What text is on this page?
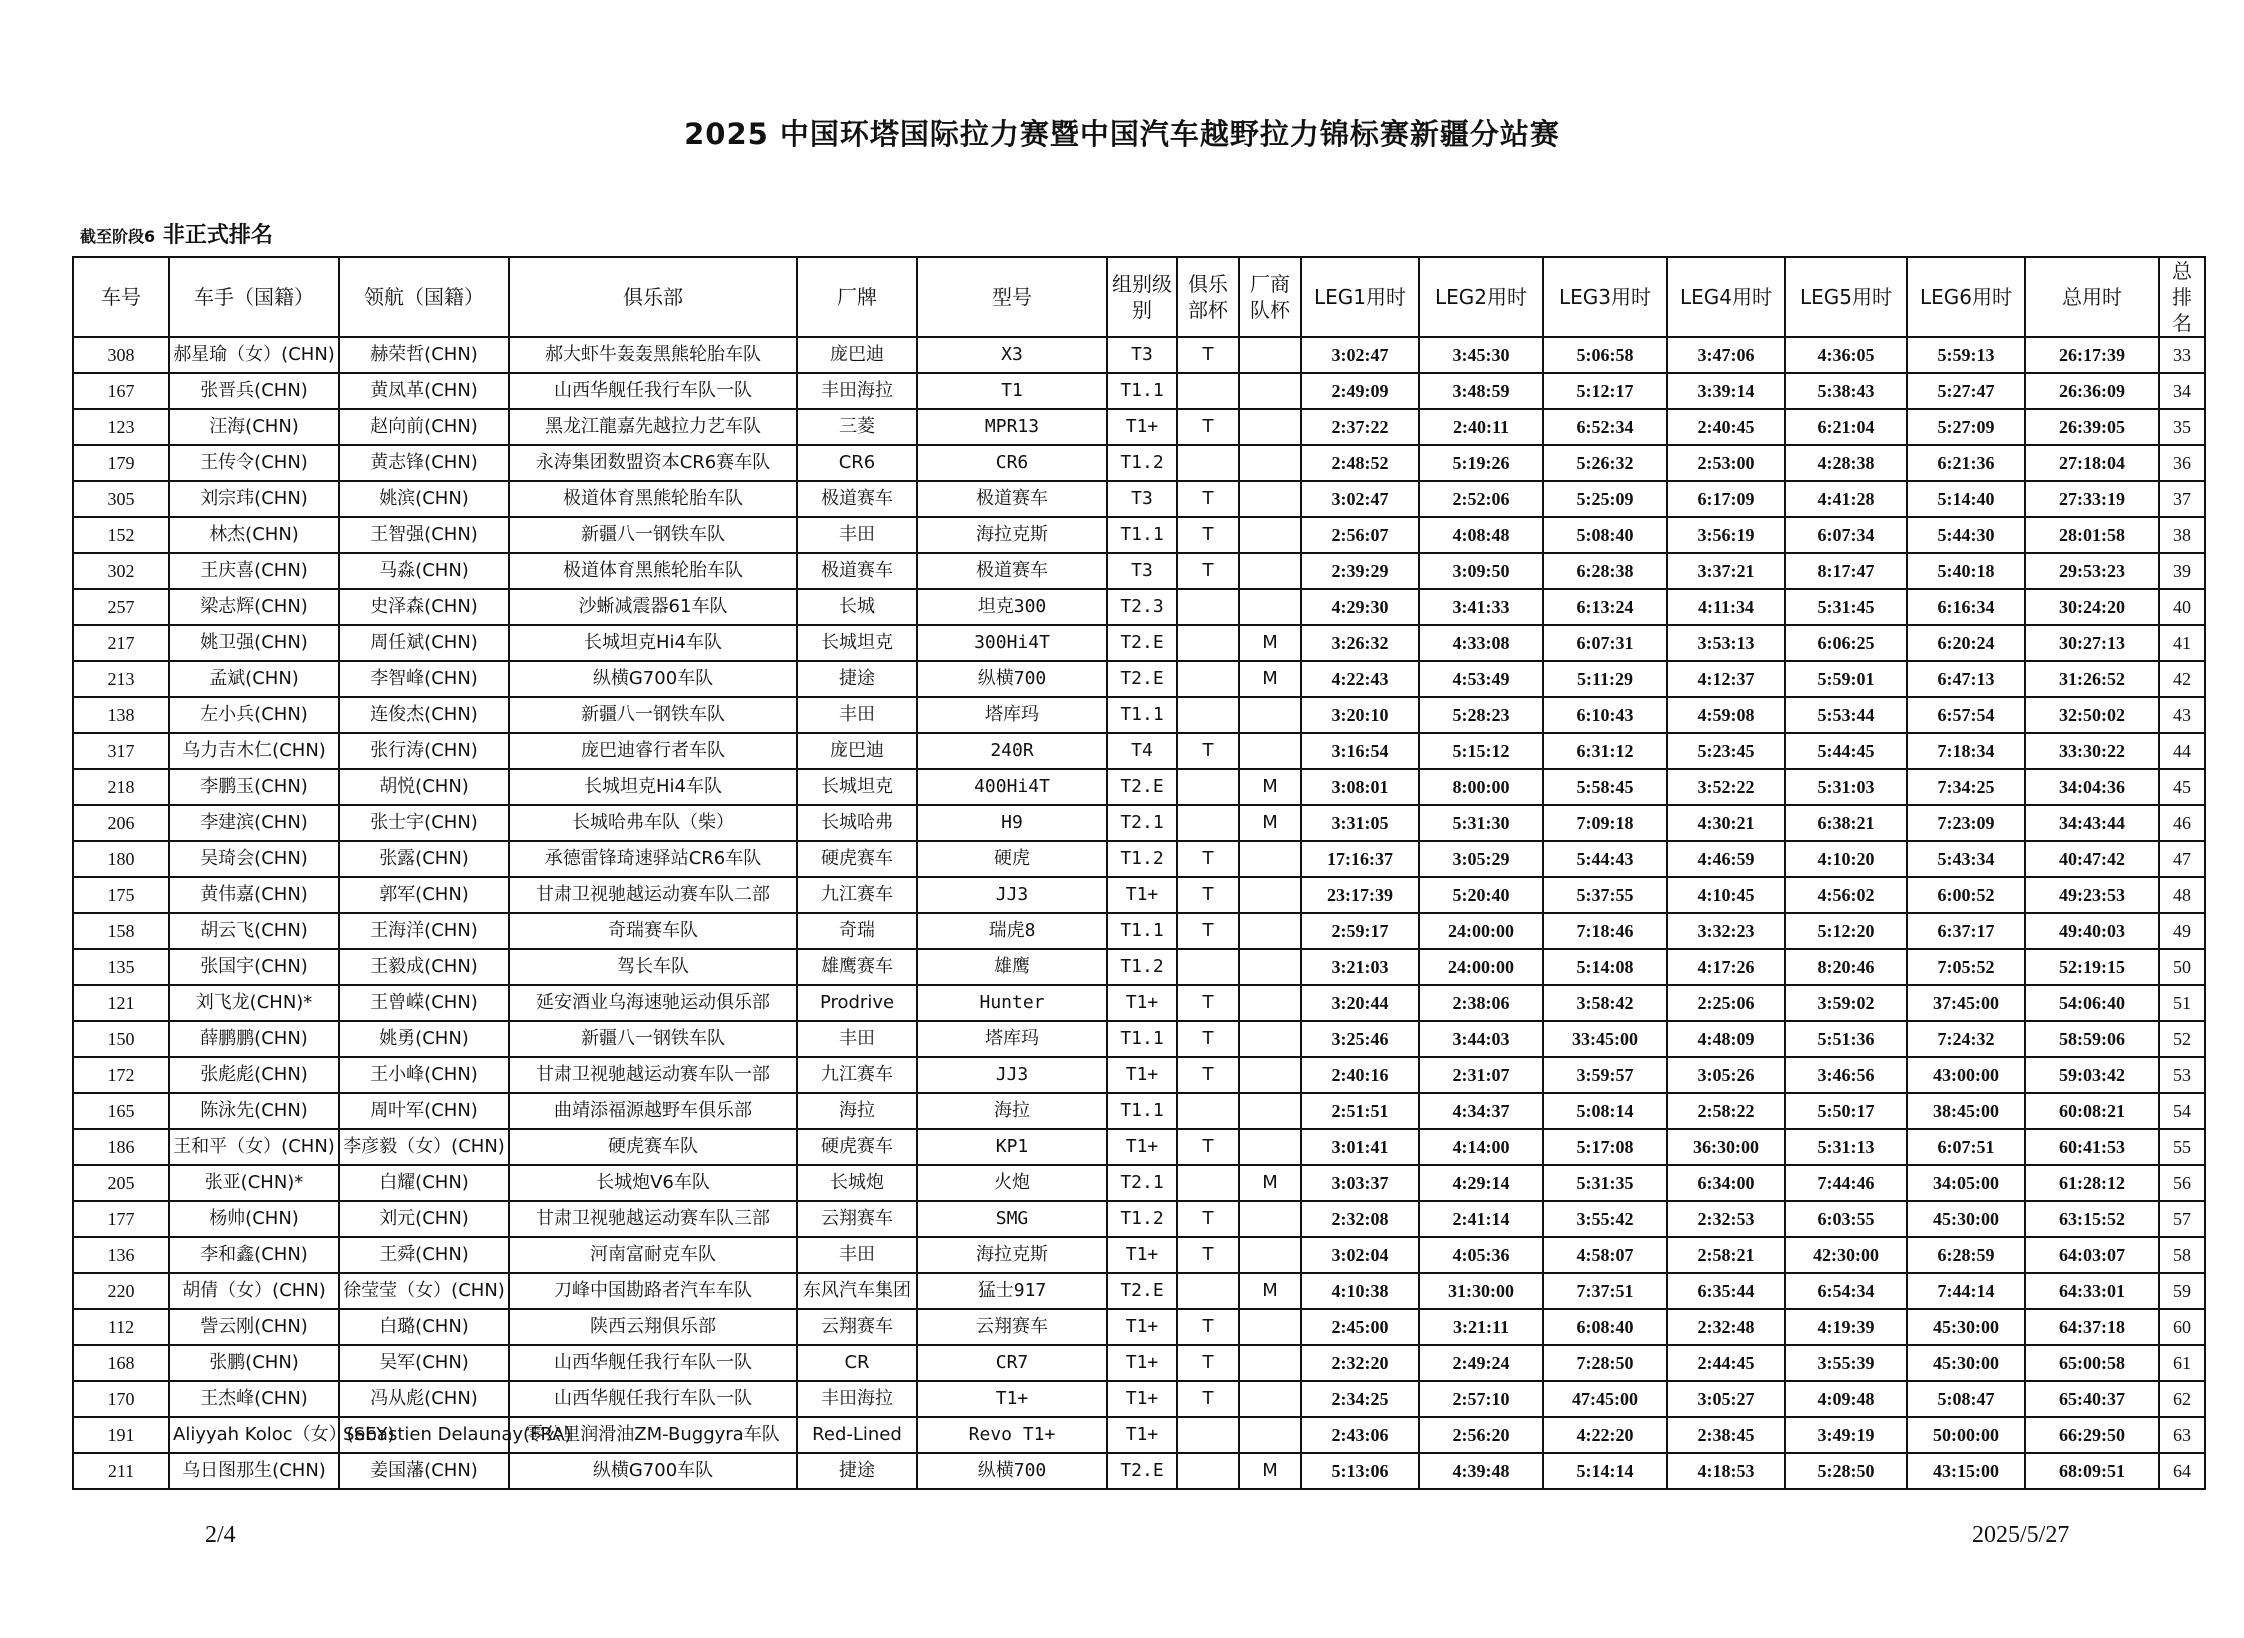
2025 中国环塔国际拉力赛暨中国汽车越野拉力锦标赛新疆分站赛
截至阶段6 非正式排名
车号	车手（国籍）	领航（国籍）	俱乐部	厂牌	型号	组别级别	俱乐部杯	厂商队杯	LEG1用时	LEG2用时	LEG3用时	LEG4用时	LEG5用时	LEG6用时	总用时	总排名
308	郝星瑜（女）(CHN)	赫荣哲(CHN)	郝大虾牛轰轰黑熊轮胎车队	庞巴迪	X3	T3	T		3:02:47	3:45:30	5:06:58	3:47:06	4:36:05	5:59:13	26:17:39	33
167	张晋兵(CHN)	黄凤革(CHN)	山西华舰任我行车队一队	丰田海拉	T1	T1.1			2:49:09	3:48:59	5:12:17	3:39:14	5:38:43	5:27:47	26:36:09	34
123	汪海(CHN)	赵向前(CHN)	黑龙江龍嘉先越拉力艺车队	三菱	MPR13	T1+	T		2:37:22	2:40:11	6:52:34	2:40:45	6:21:04	5:27:09	26:39:05	35
179	王传令(CHN)	黄志锋(CHN)	永涛集团数盟资本CR6赛车队	CR6	CR6	T1.2			2:48:52	5:19:26	5:26:32	2:53:00	4:28:38	6:21:36	27:18:04	36
305	刘宗玮(CHN)	姚滨(CHN)	极道体育黑熊轮胎车队	极道赛车	极道赛车	T3	T		3:02:47	2:52:06	5:25:09	6:17:09	4:41:28	5:14:40	27:33:19	37
152	林杰(CHN)	王智强(CHN)	新疆八一钢铁车队	丰田	海拉克斯	T1.1	T		2:56:07	4:08:48	5:08:40	3:56:19	6:07:34	5:44:30	28:01:58	38
302	王庆喜(CHN)	马淼(CHN)	极道体育黑熊轮胎车队	极道赛车	极道赛车	T3	T		2:39:29	3:09:50	6:28:38	3:37:21	8:17:47	5:40:18	29:53:23	39
257	梁志辉(CHN)	史泽森(CHN)	沙蜥减震器61车队	长城	坦克300	T2.3			4:29:30	3:41:33	6:13:24	4:11:34	5:31:45	6:16:34	30:24:20	40
217	姚卫强(CHN)	周任斌(CHN)	长城坦克Hi4车队	长城坦克	300Hi4T	T2.E		M	3:26:32	4:33:08	6:07:31	3:53:13	6:06:25	6:20:24	30:27:13	41
213	孟斌(CHN)	李智峰(CHN)	纵横G700车队	捷途	纵横700	T2.E		M	4:22:43	4:53:49	5:11:29	4:12:37	5:59:01	6:47:13	31:26:52	42
138	左小兵(CHN)	连俊杰(CHN)	新疆八一钢铁车队	丰田	塔库玛	T1.1			3:20:10	5:28:23	6:10:43	4:59:08	5:53:44	6:57:54	32:50:02	43
317	乌力吉木仁(CHN)	张行涛(CHN)	庞巴迪睿行者车队	庞巴迪	240R	T4	T		3:16:54	5:15:12	6:31:12	5:23:45	5:44:45	7:18:34	33:30:22	44
218	李鹏玉(CHN)	胡悦(CHN)	长城坦克Hi4车队	长城坦克	400Hi4T	T2.E		M	3:08:01	8:00:00	5:58:45	3:52:22	5:31:03	7:34:25	34:04:36	45
206	李建滨(CHN)	张士宇(CHN)	长城哈弗车队（柴）	长城哈弗	H9	T2.1		M	3:31:05	5:31:30	7:09:18	4:30:21	6:38:21	7:23:09	34:43:44	46
180	吴琦会(CHN)	张露(CHN)	承德雷锋琦速驿站CR6车队	硬虎赛车	硬虎	T1.2	T		17:16:37	3:05:29	5:44:43	4:46:59	4:10:20	5:43:34	40:47:42	47
175	黄伟嘉(CHN)	郭军(CHN)	甘肃卫视驰越运动赛车队二部	九江赛车	JJ3	T1+	T		23:17:39	5:20:40	5:37:55	4:10:45	4:56:02	6:00:52	49:23:53	48
158	胡云飞(CHN)	王海洋(CHN)	奇瑞赛车队	奇瑞	瑞虎8	T1.1	T		2:59:17	24:00:00	7:18:46	3:32:23	5:12:20	6:37:17	49:40:03	49
135	张国宇(CHN)	王毅成(CHN)	驾长车队	雄鹰赛车	雄鹰	T1.2			3:21:03	24:00:00	5:14:08	4:17:26	8:20:46	7:05:52	52:19:15	50
121	刘飞龙(CHN)*	王曾嵘(CHN)	延安酒业乌海速驰运动俱乐部	Prodrive	Hunter	T1+	T		3:20:44	2:38:06	3:58:42	2:25:06	3:59:02	37:45:00	54:06:40	51
150	薛鹏鹏(CHN)	姚勇(CHN)	新疆八一钢铁车队	丰田	塔库玛	T1.1	T		3:25:46	3:44:03	33:45:00	4:48:09	5:51:36	7:24:32	58:59:06	52
172	张彪彪(CHN)	王小峰(CHN)	甘肃卫视驰越运动赛车队一部	九江赛车	JJ3	T1+	T		2:40:16	2:31:07	3:59:57	3:05:26	3:46:56	43:00:00	59:03:42	53
165	陈泳先(CHN)	周叶军(CHN)	曲靖添福源越野车俱乐部	海拉	海拉	T1.1			2:51:51	4:34:37	5:08:14	2:58:22	5:50:17	38:45:00	60:08:21	54
186	王和平（女）(CHN)	李彦毅（女）(CHN)	硬虎赛车队	硬虎赛车	KP1	T1+	T		3:01:41	4:14:00	5:17:08	36:30:00	5:31:13	6:07:51	60:41:53	55
205	张亚(CHN)*	白耀(CHN)	长城炮V6车队	长城炮	火炮	T2.1		M	3:03:37	4:29:14	5:31:35	6:34:00	7:44:46	34:05:00	61:28:12	56
177	杨帅(CHN)	刘元(CHN)	甘肃卫视驰越运动赛车队三部	云翔赛车	SMG	T1.2	T		2:32:08	2:41:14	3:55:42	2:32:53	6:03:55	45:30:00	63:15:52	57
136	李和鑫(CHN)	王舜(CHN)	河南富耐克车队	丰田	海拉克斯	T1+	T		3:02:04	4:05:36	4:58:07	2:58:21	42:30:00	6:28:59	64:03:07	58
220	胡倩（女）(CHN)	徐莹莹（女）(CHN)	刀峰中国勘路者汽车车队	东风汽车集团	猛士917	T2.E		M	4:10:38	31:30:00	7:37:51	6:35:44	6:54:34	7:44:14	64:33:01	59
112	訾云刚(CHN)	白璐(CHN)	陕西云翔俱乐部	云翔赛车	云翔赛车	T1+	T		2:45:00	3:21:11	6:08:40	2:32:48	4:19:39	45:30:00	64:37:18	60
168	张鹏(CHN)	吴军(CHN)	山西华舰任我行车队一队	CR	CR7	T1+	T		2:32:20	2:49:24	7:28:50	2:44:45	3:55:39	45:30:00	65:00:58	61
170	王杰峰(CHN)	冯从彪(CHN)	山西华舰任我行车队一队	丰田海拉	T1+	T1+	T		2:34:25	2:57:10	47:45:00	3:05:27	4:09:48	5:08:47	65:40:37	62
191	Aliyyah Koloc（女）(SEY)	Sebastien Delaunay(FRA)	零公里润滑油ZM-Buggyra车队	Red-Lined	Revo T1+	T1+			2:43:06	2:56:20	4:22:20	2:38:45	3:49:19	50:00:00	66:29:50	63
211	乌日图那生(CHN)	姜国藩(CHN)	纵横G700车队	捷途	纵横700	T2.E		M	5:13:06	4:39:48	5:14:14	4:18:53	5:28:50	43:15:00	68:09:51	64
2/4	2025/5/27
